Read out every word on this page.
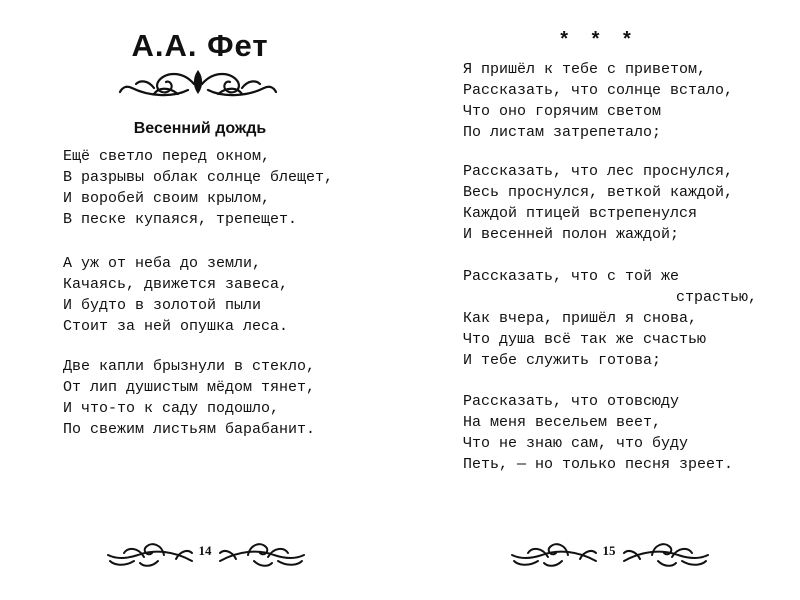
А.А. Фет
Весенний дождь
Ещё светло перед окном,
В разрывы облак солнце блещет,
И воробей своим крылом,
В песке купаяся, трепещет.
А уж от неба до земли,
Качаясь, движется завеса,
И будто в золотой пыли
Стоит за ней опушка леса.
Две капли брызнули в стекло,
От лип душистым мёдом тянет,
И что-то к саду подошло,
По свежим листьям барабанит.
14
* * *
Я пришёл к тебе с приветом,
Рассказать, что солнце встало,
Что оно горячим светом
По листам затрепетало;
Рассказать, что лес проснулся,
Весь проснулся, веткой каждой,
Каждой птицей встрепенулся
И весенней полон жаждой;
Рассказать, что с той же
страстью,
Как вчера, пришёл я снова,
Что душа всё так же счастью
И тебе служить готова;
Рассказать, что отовсюду
На меня весельем веет,
Что не знаю сам, что буду
Петь, — но только песня зреет.
15
